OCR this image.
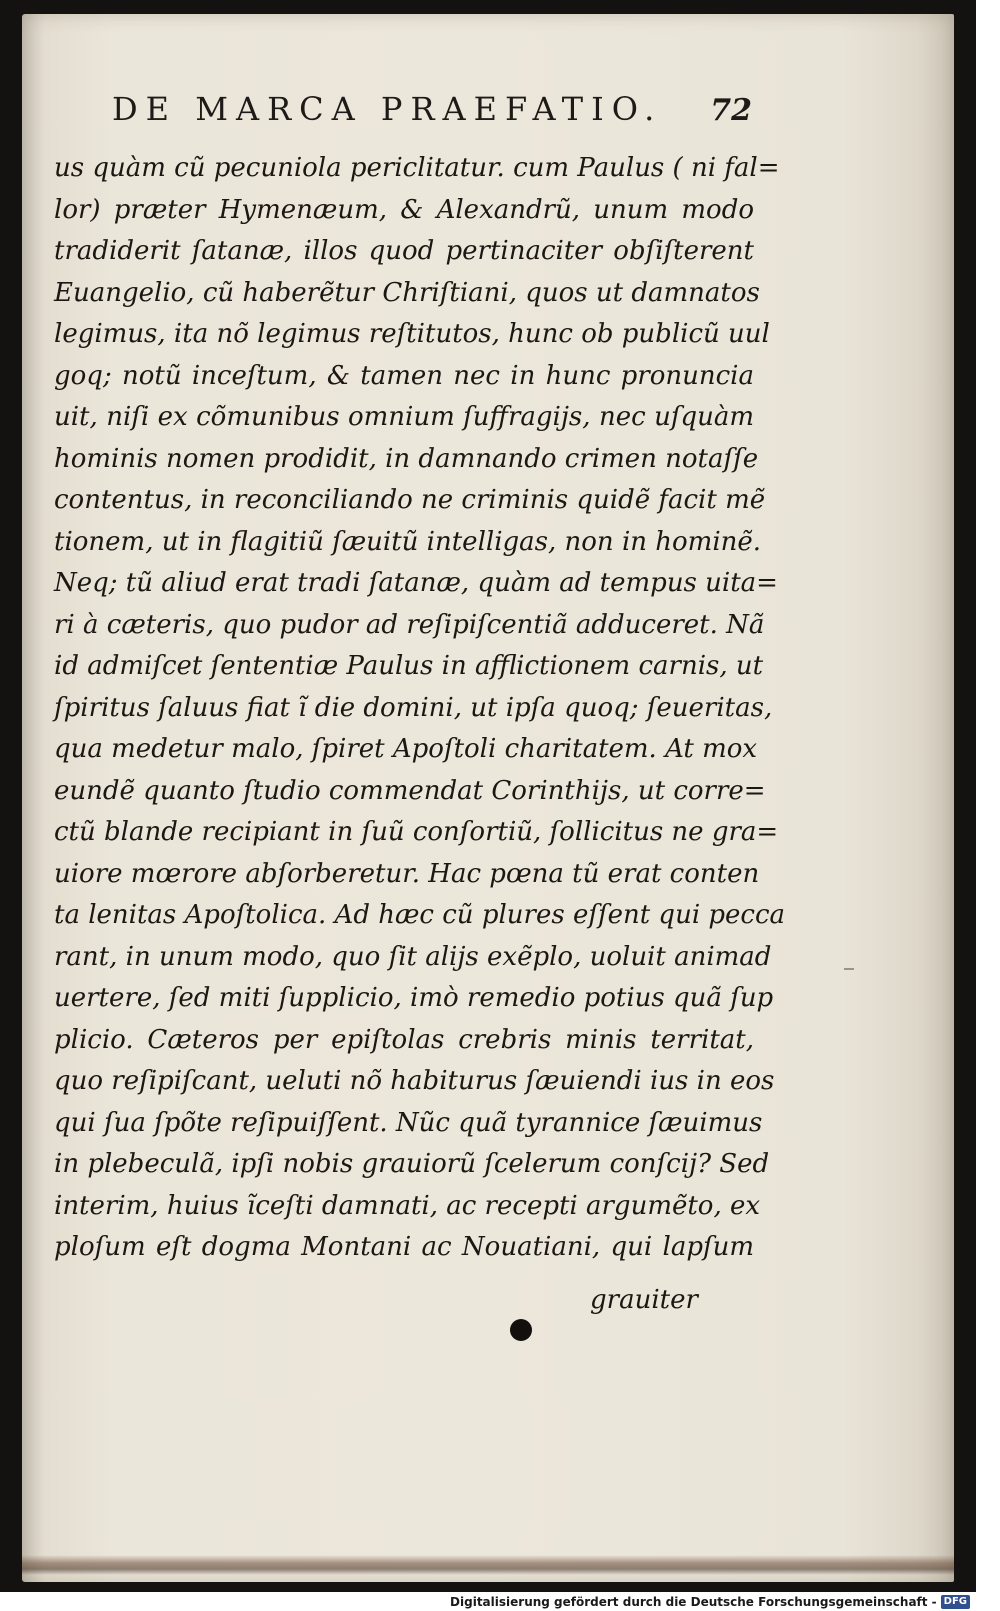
DE MARCA PRAEFATIO. 72
us quàm cũ pecuniola periclitatur. cum Paulus ( ni fal=
lor) præter Hymenæum, & Alexandrũ, unum modo
tradiderit ſatanæ, illos quod pertinaciter obſiſterent
Euangelio, cũ haberẽtur Chriſtiani, quos ut damnatos
legimus, ita nõ legimus reſtitutos, hunc ob publicũ uul
goq; notũ inceſtum, & tamen nec in hunc pronuncia
uit, niſi ex cõmunibus omnium ſuffragijs, nec uſquàm
hominis nomen prodidit, in damnando crimen notaſſe
contentus, in reconciliando ne criminis quidẽ facit mẽ
tionem, ut in flagitiũ ſæuitũ intelligas, non in hominẽ.
Neq; tũ aliud erat tradi ſatanæ, quàm ad tempus uita=
ri à cæteris, quo pudor ad reſipiſcentiã adduceret. Nã
id admiſcet ſententiæ Paulus in afflictionem carnis, ut
ſpiritus ſaluus fiat ĩ die domini, ut ipſa quoq; ſeueritas,
qua medetur malo, ſpiret Apoſtoli charitatem. At mox
eundẽ quanto ſtudio commendat Corinthijs, ut corre=
ctũ blande recipiant in ſuũ conſortiũ, ſollicitus ne gra=
uiore mœrore abſorberetur. Hac pœna tũ erat conten
ta lenitas Apoſtolica. Ad hæc cũ plures eſſent qui pecca
rant, in unum modo, quo ſit alijs exẽplo, uoluit animad
uertere, ſed miti ſupplicio, imò remedio potius quã ſup
plicio. Cæteros per epiſtolas crebris minis territat,
quo reſipiſcant, ueluti nõ habiturus ſæuiendi ius in eos
qui ſua ſpõte reſipuiſſent. Nũc quã tyrannice ſæuimus
in plebeculã, ipſi nobis grauiorũ ſcelerum conſcij? Sed
interim, huius ĩceſti damnati, ac recepti argumẽto, ex
ploſum eſt dogma Montani ac Nouatiani, qui lapſum
grauiter
Digitalisierung gefördert durch die Deutsche Forschungsgemeinschaft - DFG
